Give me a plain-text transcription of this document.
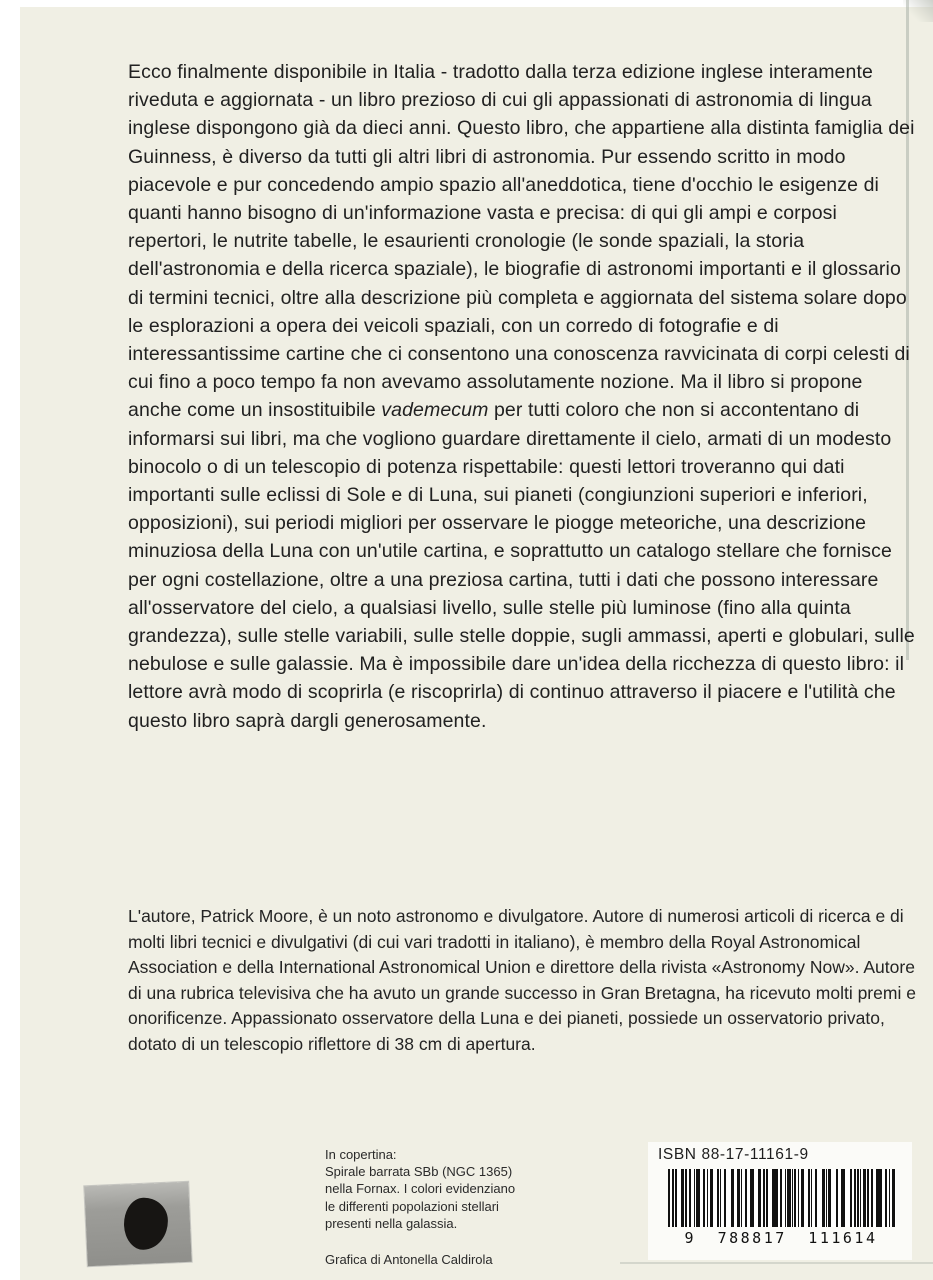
Ecco finalmente disponibile in Italia - tradotto dalla terza edizione inglese interamente riveduta e aggiornata - un libro prezioso di cui gli appassionati di astronomia di lingua inglese dispongono già da dieci anni. Questo libro, che appartiene alla distinta famiglia dei Guinness, è diverso da tutti gli altri libri di astronomia. Pur essendo scritto in modo piacevole e pur concedendo ampio spazio all'aneddotica, tiene d'occhio le esigenze di quanti hanno bisogno di un'informazione vasta e precisa: di qui gli ampi e corposi repertori, le nutrite tabelle, le esaurienti cronologie (le sonde spaziali, la storia dell'astronomia e della ricerca spaziale), le biografie di astronomi importanti e il glossario di termini tecnici, oltre alla descrizione più completa e aggiornata del sistema solare dopo le esplorazioni a opera dei veicoli spaziali, con un corredo di fotografie e di interessantissime cartine che ci consentono una conoscenza ravvicinata di corpi celesti di cui fino a poco tempo fa non avevamo assolutamente nozione. Ma il libro si propone anche come un insostituibile vademecum per tutti coloro che non si accontentano di informarsi sui libri, ma che vogliono guardare direttamente il cielo, armati di un modesto binocolo o di un telescopio di potenza rispettabile: questi lettori troveranno qui dati importanti sulle eclissi di Sole e di Luna, sui pianeti (congiunzioni superiori e inferiori, opposizioni), sui periodi migliori per osservare le piogge meteoriche, una descrizione minuziosa della Luna con un'utile cartina, e soprattutto un catalogo stellare che fornisce per ogni costellazione, oltre a una preziosa cartina, tutti i dati che possono interessare all'osservatore del cielo, a qualsiasi livello, sulle stelle più luminose (fino alla quinta grandezza), sulle stelle variabili, sulle stelle doppie, sugli ammassi, aperti e globulari, sulle nebulose e sulle galassie. Ma è impossibile dare un'idea della ricchezza di questo libro: il lettore avrà modo di scoprirla (e riscoprirla) di continuo attraverso il piacere e l'utilità che questo libro saprà dargli generosamente.
L'autore, Patrick Moore, è un noto astronomo e divulgatore. Autore di numerosi articoli di ricerca e di molti libri tecnici e divulgativi (di cui vari tradotti in italiano), è membro della Royal Astronomical Association e della International Astronomical Union e direttore della rivista «Astronomy Now». Autore di una rubrica televisiva che ha avuto un grande successo in Gran Bretagna, ha ricevuto molti premi e onorificenze. Appassionato osservatore della Luna e dei pianeti, possiede un osservatorio privato, dotato di un telescopio riflettore di 38 cm di apertura.
In copertina:
Spirale barrata SBb (NGC 1365)
nella Fornax. I colori evidenziano
le differenti popolazioni stellari
presenti nella galassia.
Grafica di Antonella Caldirola
ISBN 88-17-11161-9
9 788817 111614
